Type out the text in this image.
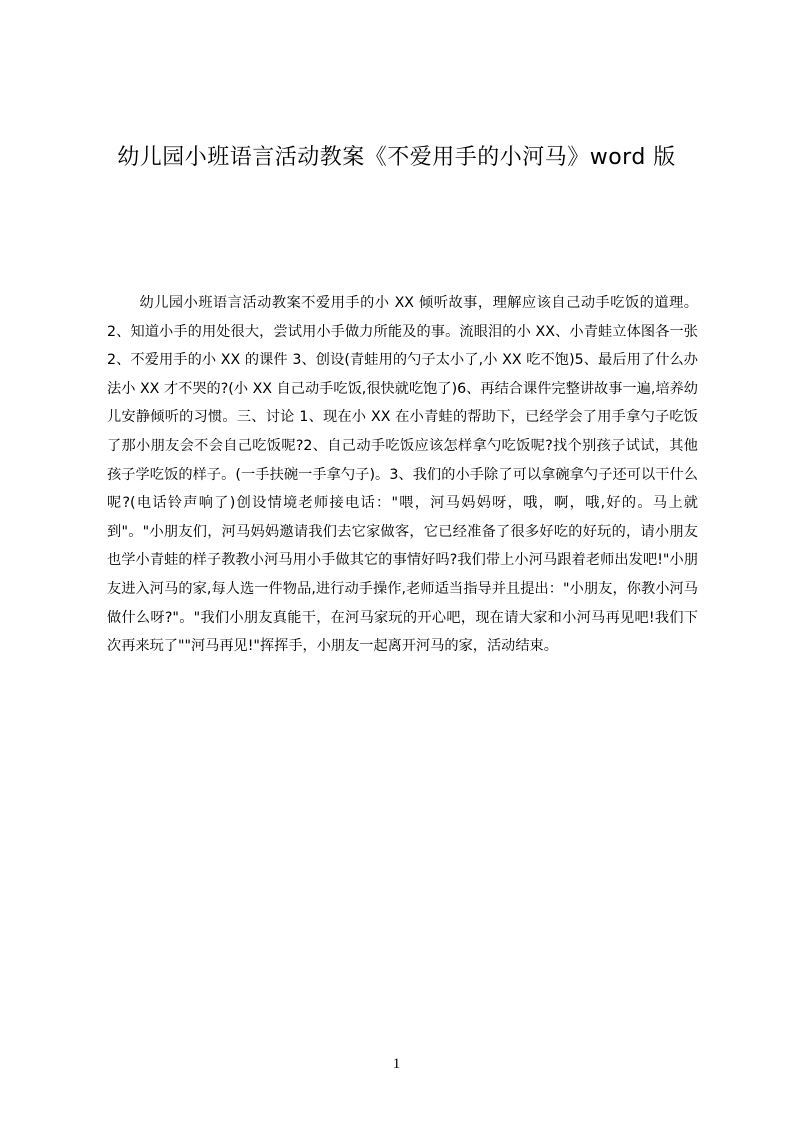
幼儿园小班语言活动教案《不爱用手的小河马》word 版

幼儿园小班语言活动教案不爱用手的小 XX 倾听故事，理解应该自己动手吃饭的道理。2、知道小手的用处很大，尝试用小手做力所能及的事。流眼泪的小 XX、小青蛙立体图各一张 2、不爱用手的小 XX 的课件 3、创设(青蛙用的勺子太小了,小 XX 吃不饱)5、最后用了什么办法小 XX 才不哭的?(小 XX 自己动手吃饭,很快就吃饱了)6、再结合课件完整讲故事一遍,培养幼儿安静倾听的习惯。三、讨论 1、现在小 XX 在小青蛙的帮助下，已经学会了用手拿勺子吃饭了那小朋友会不会自己吃饭呢?2、自己动手吃饭应该怎样拿勺吃饭呢?找个别孩子试试，其他孩子学吃饭的样子。(一手扶碗一手拿勺子)。3、我们的小手除了可以拿碗拿勺子还可以干什么呢?(电话铃声响了)创设情境老师接电话："喂，河马妈妈呀，哦，啊，哦,好的。马上就到"。"小朋友们，河马妈妈邀请我们去它家做客，它已经准备了很多好吃的好玩的，请小朋友也学小青蛙的样子教教小河马用小手做其它的事情好吗?我们带上小河马跟着老师出发吧!"小朋友进入河马的家,每人选一件物品,进行动手操作,老师适当指导并且提出："小朋友，你教小河马做什么呀?"。"我们小朋友真能干，在河马家玩的开心吧，现在请大家和小河马再见吧!我们下次再来玩了""河马再见!"挥挥手，小朋友一起离开河马的家，活动结束。

1
